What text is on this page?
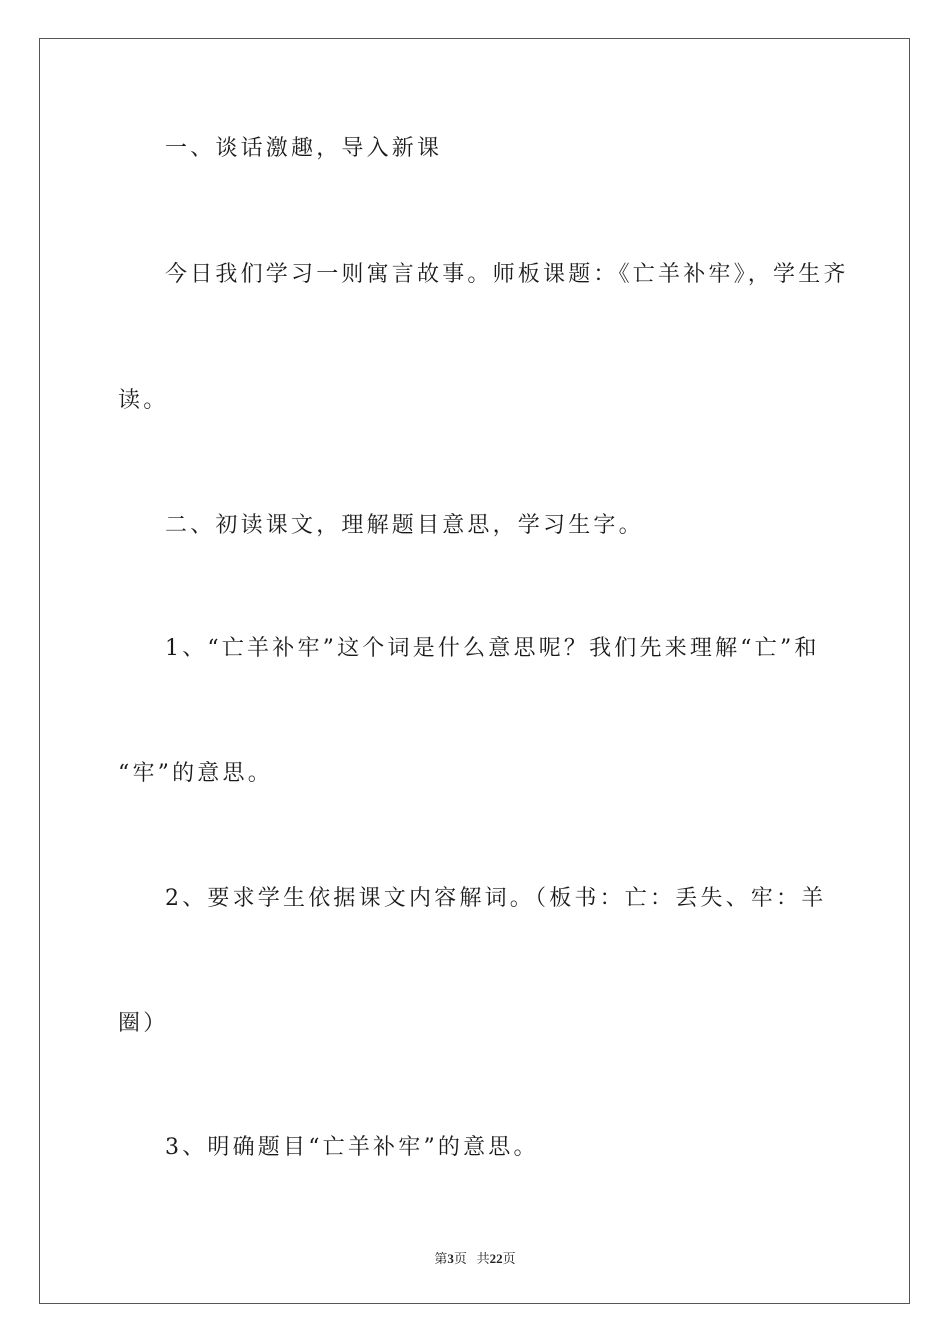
一、谈话激趣，导入新课
今日我们学习一则寓言故事。师板课题：《亡羊补牢》，学生齐
读。
二、初读课文，理解题目意思，学习生字。
1、“亡羊补牢”这个词是什么意思呢？我们先来理解“亡”和
“牢”的意思。
2、要求学生依据课文内容解词。（板书：亡：丢失、牢：羊
圈）
3、明确题目“亡羊补牢”的意思。
第3页 共22页
